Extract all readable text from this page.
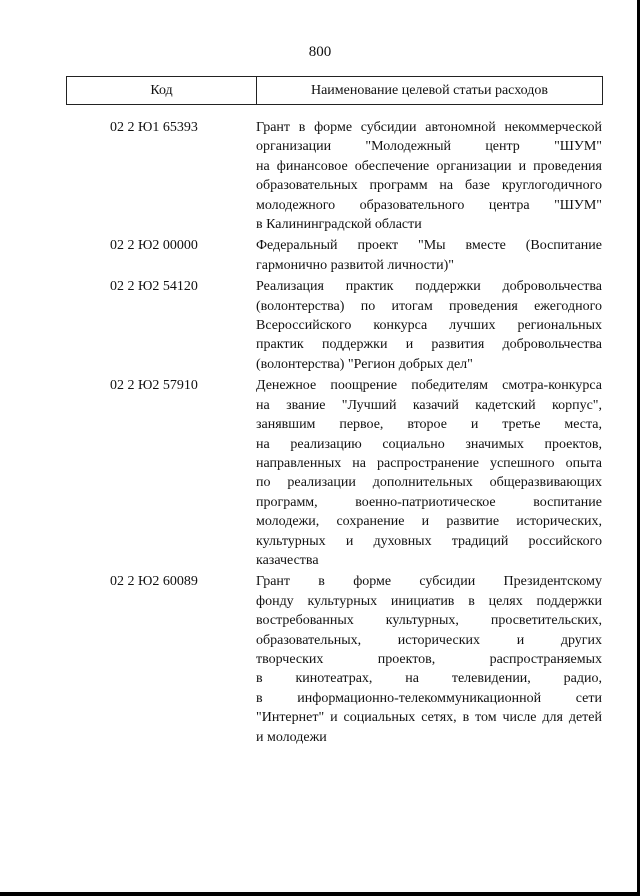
800
Код	Наименование целевой статьи расходов
02 2 Ю1 65393	Грант в форме субсидии автономной некоммерческой
организации "Молодежный центр "ШУМ"
на финансовое обеспечение организации и проведения
образовательных программ на базе круглогодичного
молодежного образовательного центра "ШУМ"
в Калининградской области
02 2 Ю2 00000	Федеральный проект "Мы вместе (Воспитание
гармонично развитой личности)"
02 2 Ю2 54120	Реализация практик поддержки добровольчества
(волонтерства) по итогам проведения ежегодного
Всероссийского конкурса лучших региональных
практик поддержки и развития добровольчества
(волонтерства) "Регион добрых дел"
02 2 Ю2 57910	Денежное поощрение победителям смотра-конкурса
на звание "Лучший казачий кадетский корпус",
занявшим первое, второе и третье места,
на реализацию социально значимых проектов,
направленных на распространение успешного опыта
по реализации дополнительных общеразвивающих
программ, военно-патриотическое воспитание
молодежи, сохранение и развитие исторических,
культурных и духовных традиций российского
казачества
02 2 Ю2 60089	Грант в форме субсидии Президентскому
фонду культурных инициатив в целях поддержки
востребованных культурных, просветительских,
образовательных, исторических и других
творческих проектов, распространяемых
в кинотеатрах, на телевидении, радио,
в информационно-телекоммуникационной сети
"Интернет" и социальных сетях, в том числе для детей
и молодежи
